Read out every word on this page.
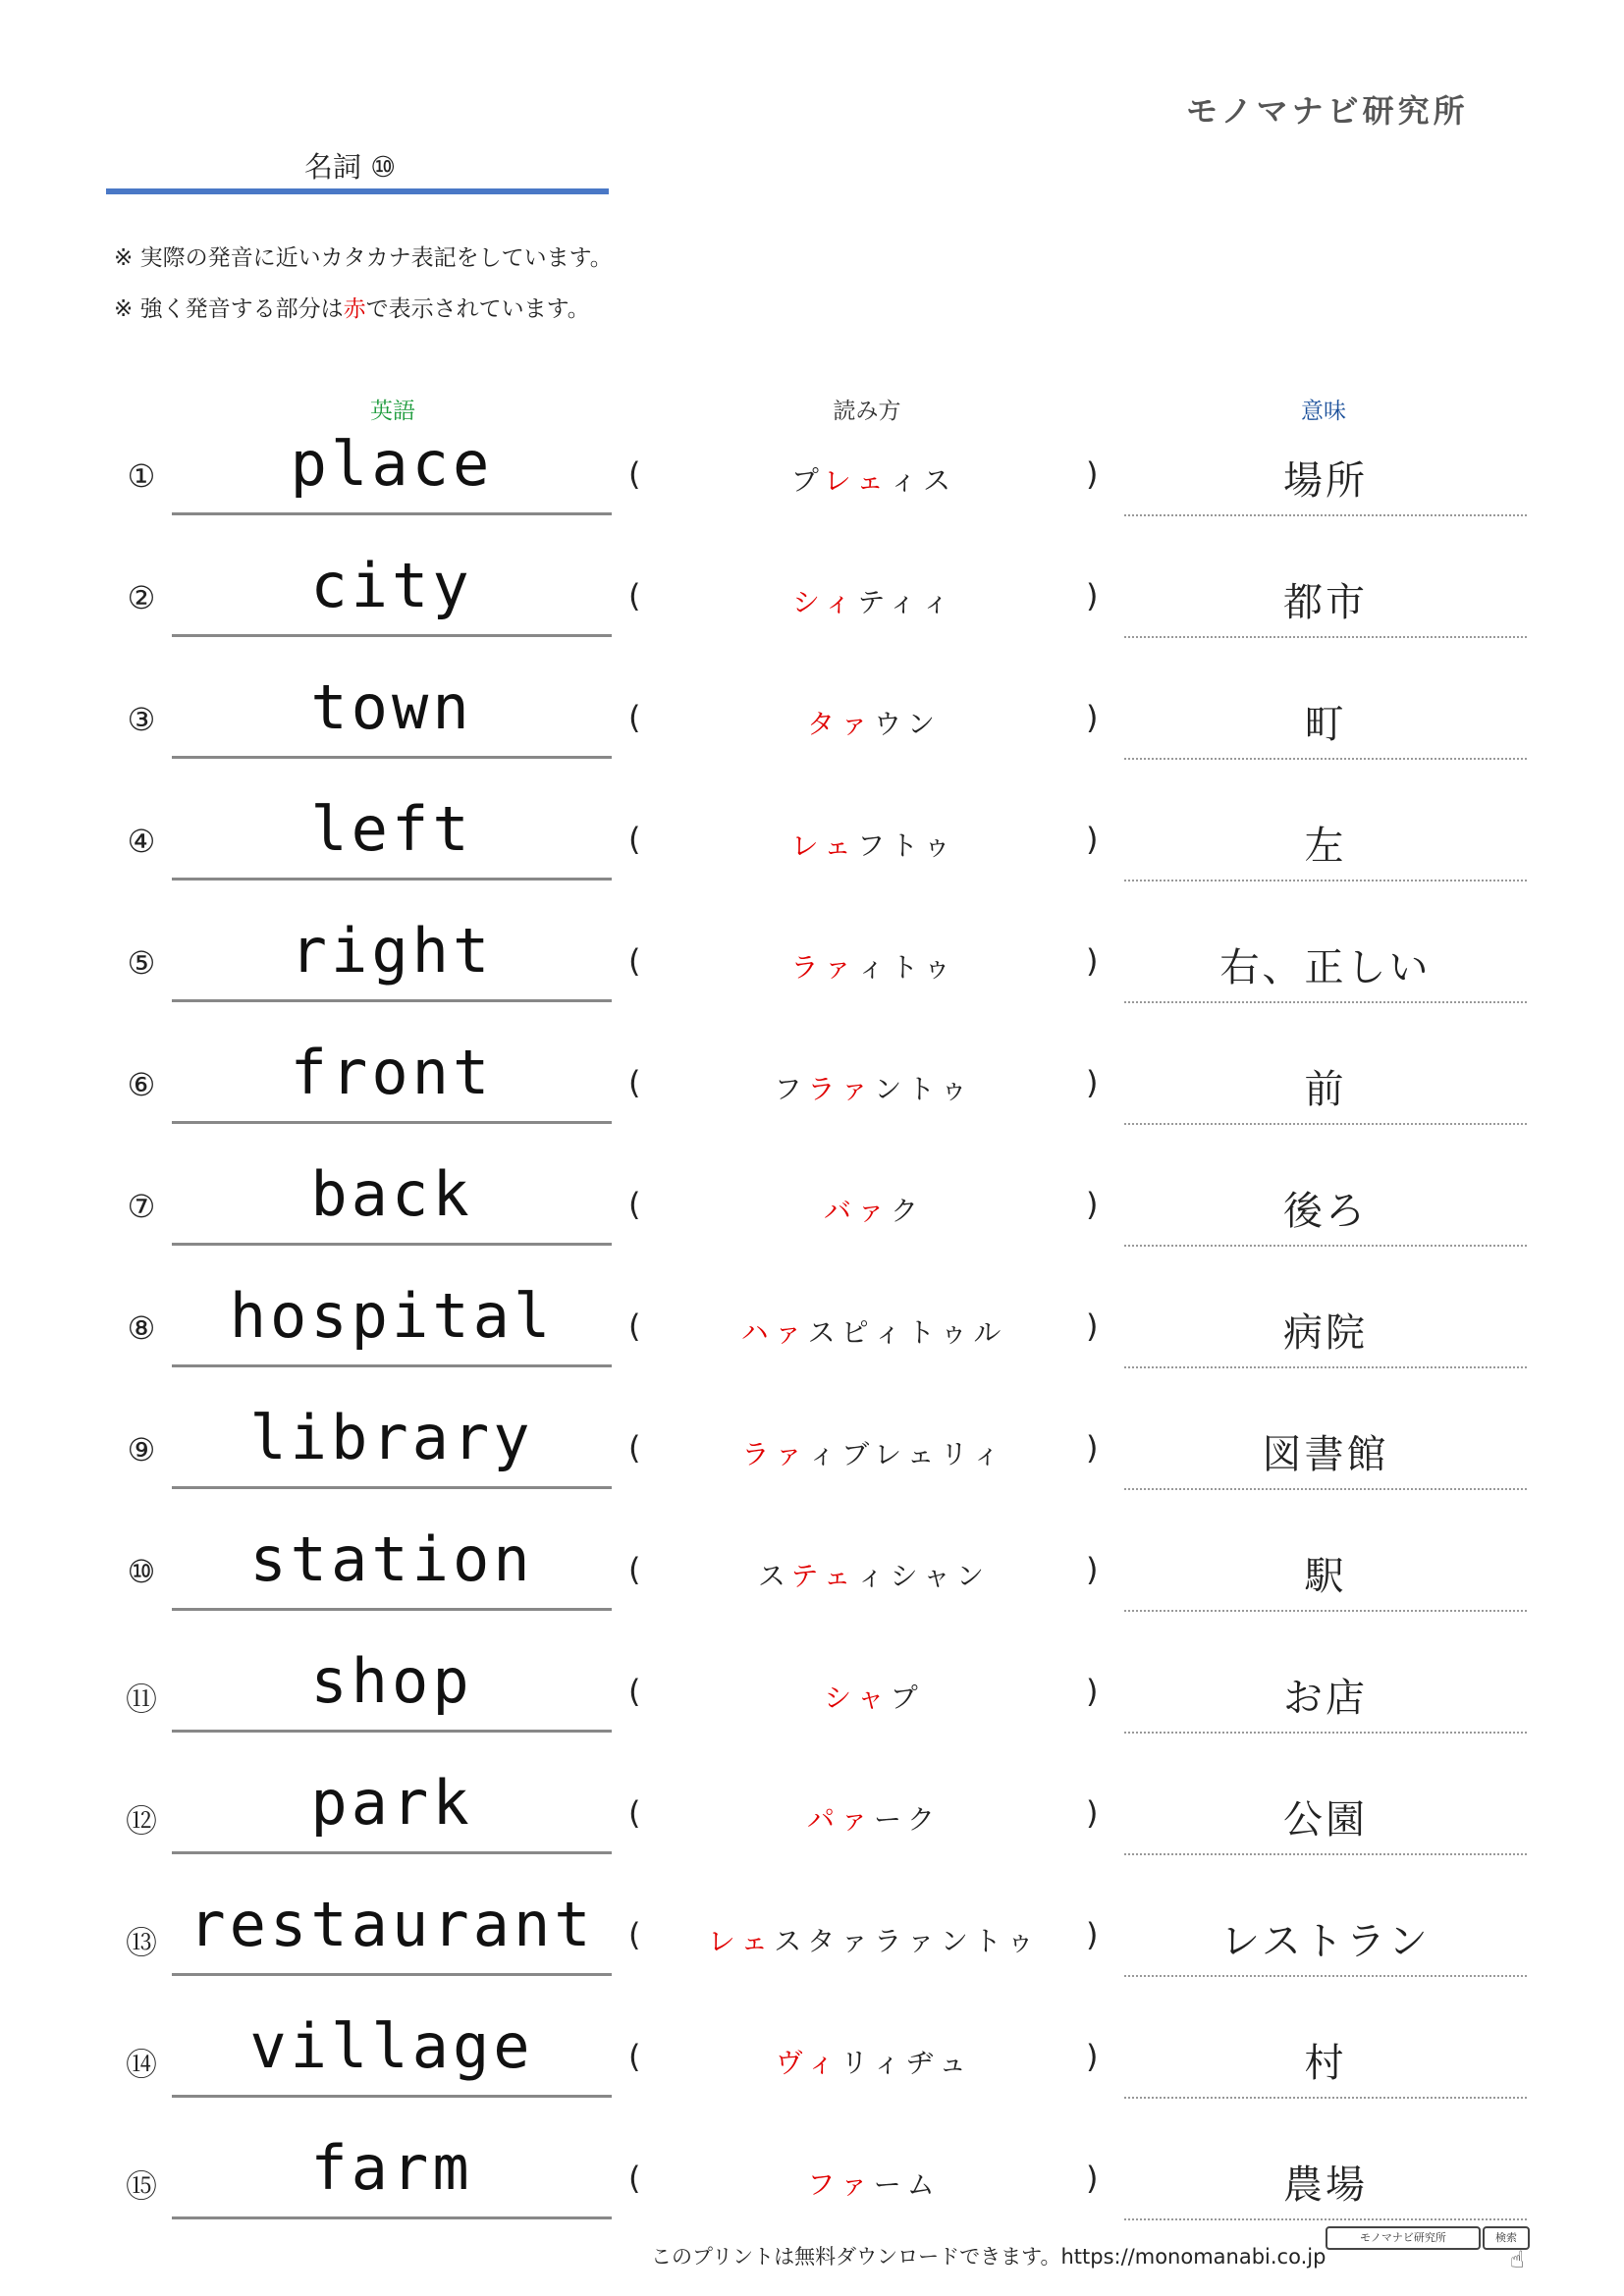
モノマナビ研究所
名詞 ⑩
※ 実際の発音に近いカタカナ表記をしています。
※ 強く発音する部分は赤で表示されています。
英語	読み方	意味
①	place	(	プレェィス	)	場所
②	city	(	シィティィ	)	都市
③	town	(	タァウン	)	町
④	left	(	レェフトゥ	)	左
⑤	right	(	ラァィトゥ	)	右、正しい
⑥	front	(	フラァントゥ	)	前
⑦	back	(	バァク	)	後ろ
⑧	hospital	(	ハァスピィトゥル	)	病院
⑨	library	(	ラァィブレェリィ	)	図書館
⑩	station	(	ステェィシャン	)	駅
⑪	shop	(	シャプ	)	お店
⑫	park	(	パァーク	)	公園
⑬ restaurant	(	レェスタァラァントゥ	)	レストラン
⑭	village	(	ヴィリィヂュ	)	村
⑮	farm	(	ファーム	)	農場
このプリントは無料ダウンロードできます。https://monomanabi.co.jp
モノマナビ研究所	検索
☝
